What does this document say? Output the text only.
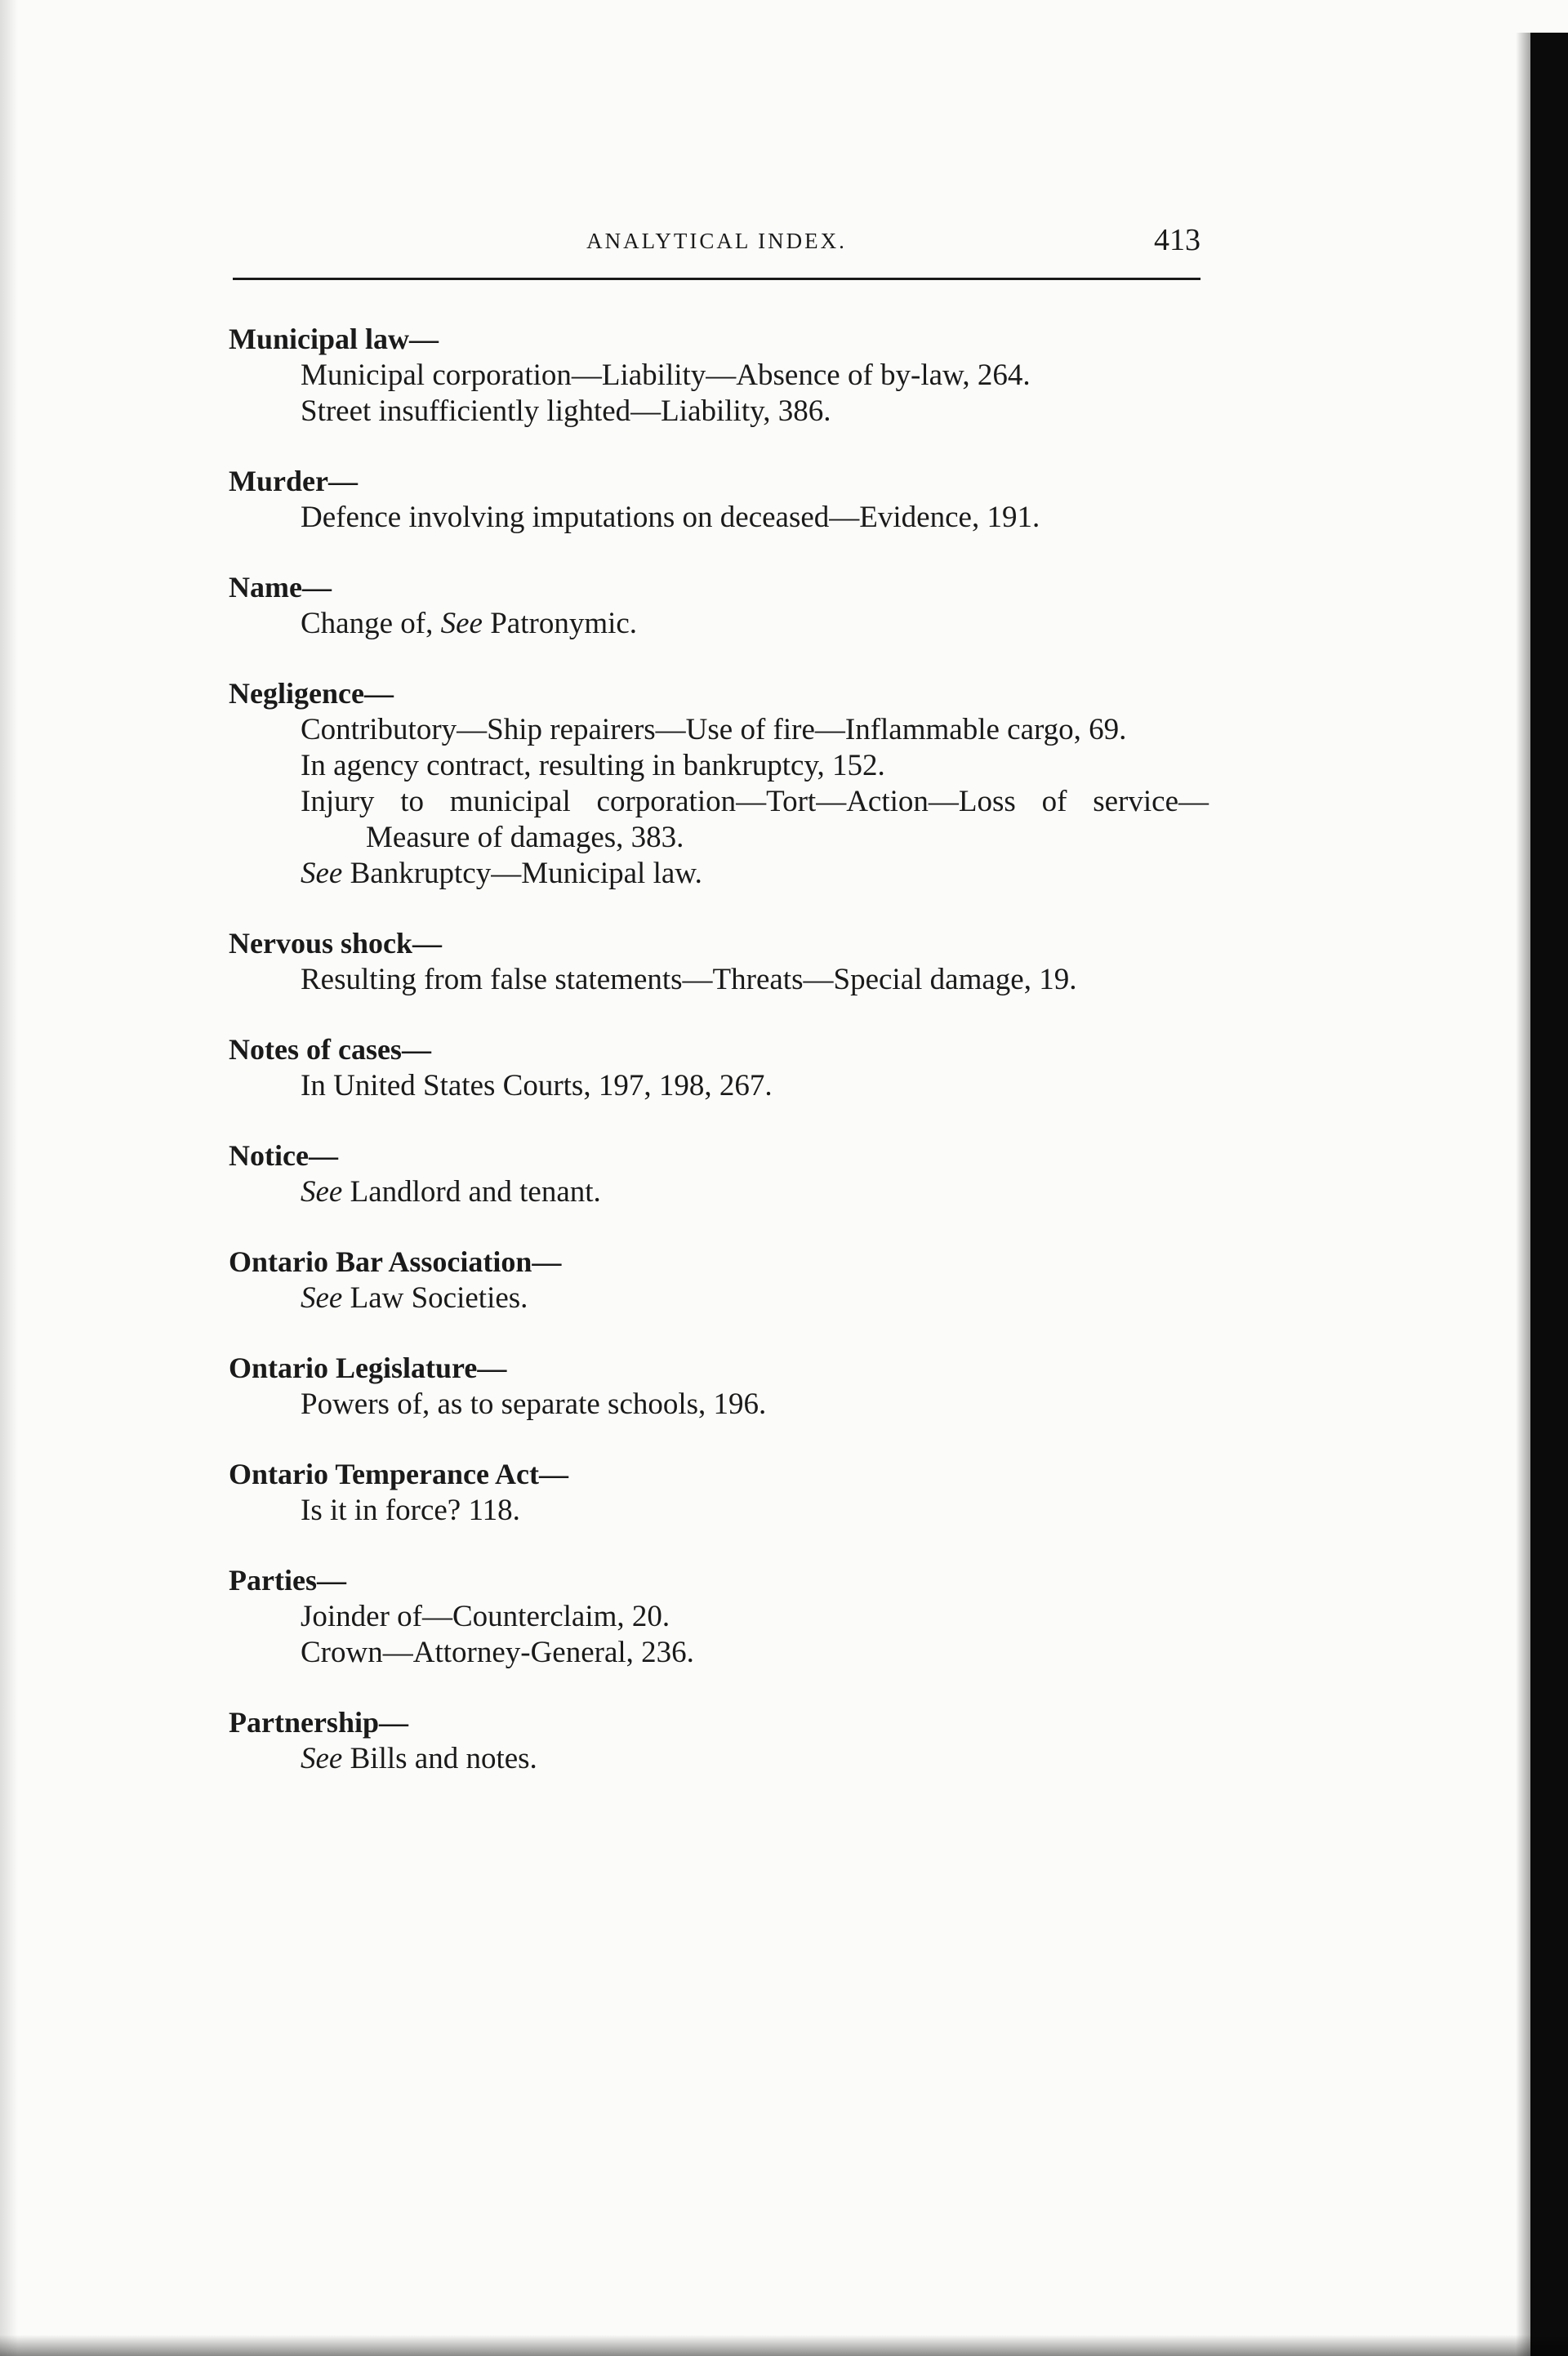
ANALYTICAL INDEX.	413
Municipal law—
Municipal corporation—Liability—Absence of by-law, 264.
Street insufficiently lighted—Liability, 386.
Murder—
Defence involving imputations on deceased—Evidence, 191.
Name—
Change of, See Patronymic.
Negligence—
Contributory—Ship repairers—Use of fire—Inflammable cargo, 69.
In agency contract, resulting in bankruptcy, 152.
Injury to municipal corporation—Tort—Action—Loss of service—Measure of damages, 383.
See Bankruptcy—Municipal law.
Nervous shock—
Resulting from false statements—Threats—Special damage, 19.
Notes of cases—
In United States Courts, 197, 198, 267.
Notice—
See Landlord and tenant.
Ontario Bar Association—
See Law Societies.
Ontario Legislature—
Powers of, as to separate schools, 196.
Ontario Temperance Act—
Is it in force? 118.
Parties—
Joinder of—Counterclaim, 20.
Crown—Attorney-General, 236.
Partnership—
See Bills and notes.
